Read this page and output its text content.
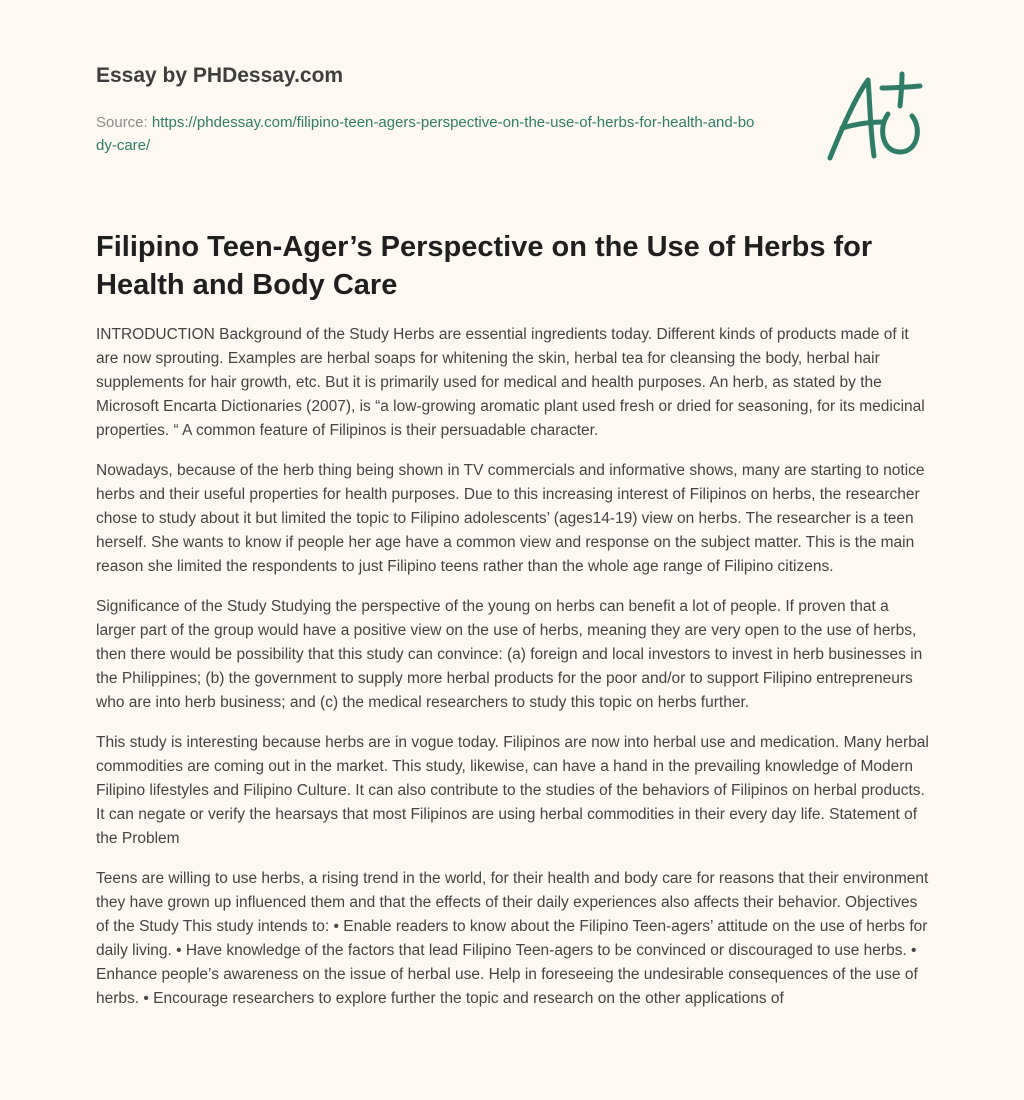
Essay by PHDessay.com
Source: https://phdessay.com/filipino-teen-agers-perspective-on-the-use-of-herbs-for-health-and-body-care/
Filipino Teen-Ager’s Perspective on the Use of Herbs for Health and Body Care

INTRODUCTION Background of the Study Herbs are essential ingredients today. Different kinds of products made of it are now sprouting. Examples are herbal soaps for whitening the skin, herbal tea for cleansing the body, herbal hair supplements for hair growth, etc. But it is primarily used for medical and health purposes. An herb, as stated by the Microsoft Encarta Dictionaries (2007), is “a low-growing aromatic plant used fresh or dried for seasoning, for its medicinal properties. “ A common feature of Filipinos is their persuadable character.

Nowadays, because of the herb thing being shown in TV commercials and informative shows, many are starting to notice herbs and their useful properties for health purposes. Due to this increasing interest of Filipinos on herbs, the researcher chose to study about it but limited the topic to Filipino adolescents’ (ages14-19) view on herbs. The researcher is a teen herself. She wants to know if people her age have a common view and response on the subject matter. This is the main reason she limited the respondents to just Filipino teens rather than the whole age range of Filipino citizens.

Significance of the Study Studying the perspective of the young on herbs can benefit a lot of people. If proven that a larger part of the group would have a positive view on the use of herbs, meaning they are very open to the use of herbs, then there would be possibility that this study can convince: (a) foreign and local investors to invest in herb businesses in the Philippines; (b) the government to supply more herbal products for the poor and/or to support Filipino entrepreneurs who are into herb business; and (c) the medical researchers to study this topic on herbs further.

This study is interesting because herbs are in vogue today. Filipinos are now into herbal use and medication. Many herbal commodities are coming out in the market. This study, likewise, can have a hand in the prevailing knowledge of Modern Filipino lifestyles and Filipino Culture. It can also contribute to the studies of the behaviors of Filipinos on herbal products. It can negate or verify the hearsays that most Filipinos are using herbal commodities in their every day life. Statement of the Problem

Teens are willing to use herbs, a rising trend in the world, for their health and body care for reasons that their environment they have grown up influenced them and that the effects of their daily experiences also affects their behavior. Objectives of the Study This study intends to: • Enable readers to know about the Filipino Teen-agers’ attitude on the use of herbs for daily living. • Have knowledge of the factors that lead Filipino Teen-agers to be convinced or discouraged to use herbs. • Enhance people’s awareness on the issue of herbal use. Help in foreseeing the undesirable consequences of the use of herbs. • Encourage researchers to explore further the topic and research on the other applications of
